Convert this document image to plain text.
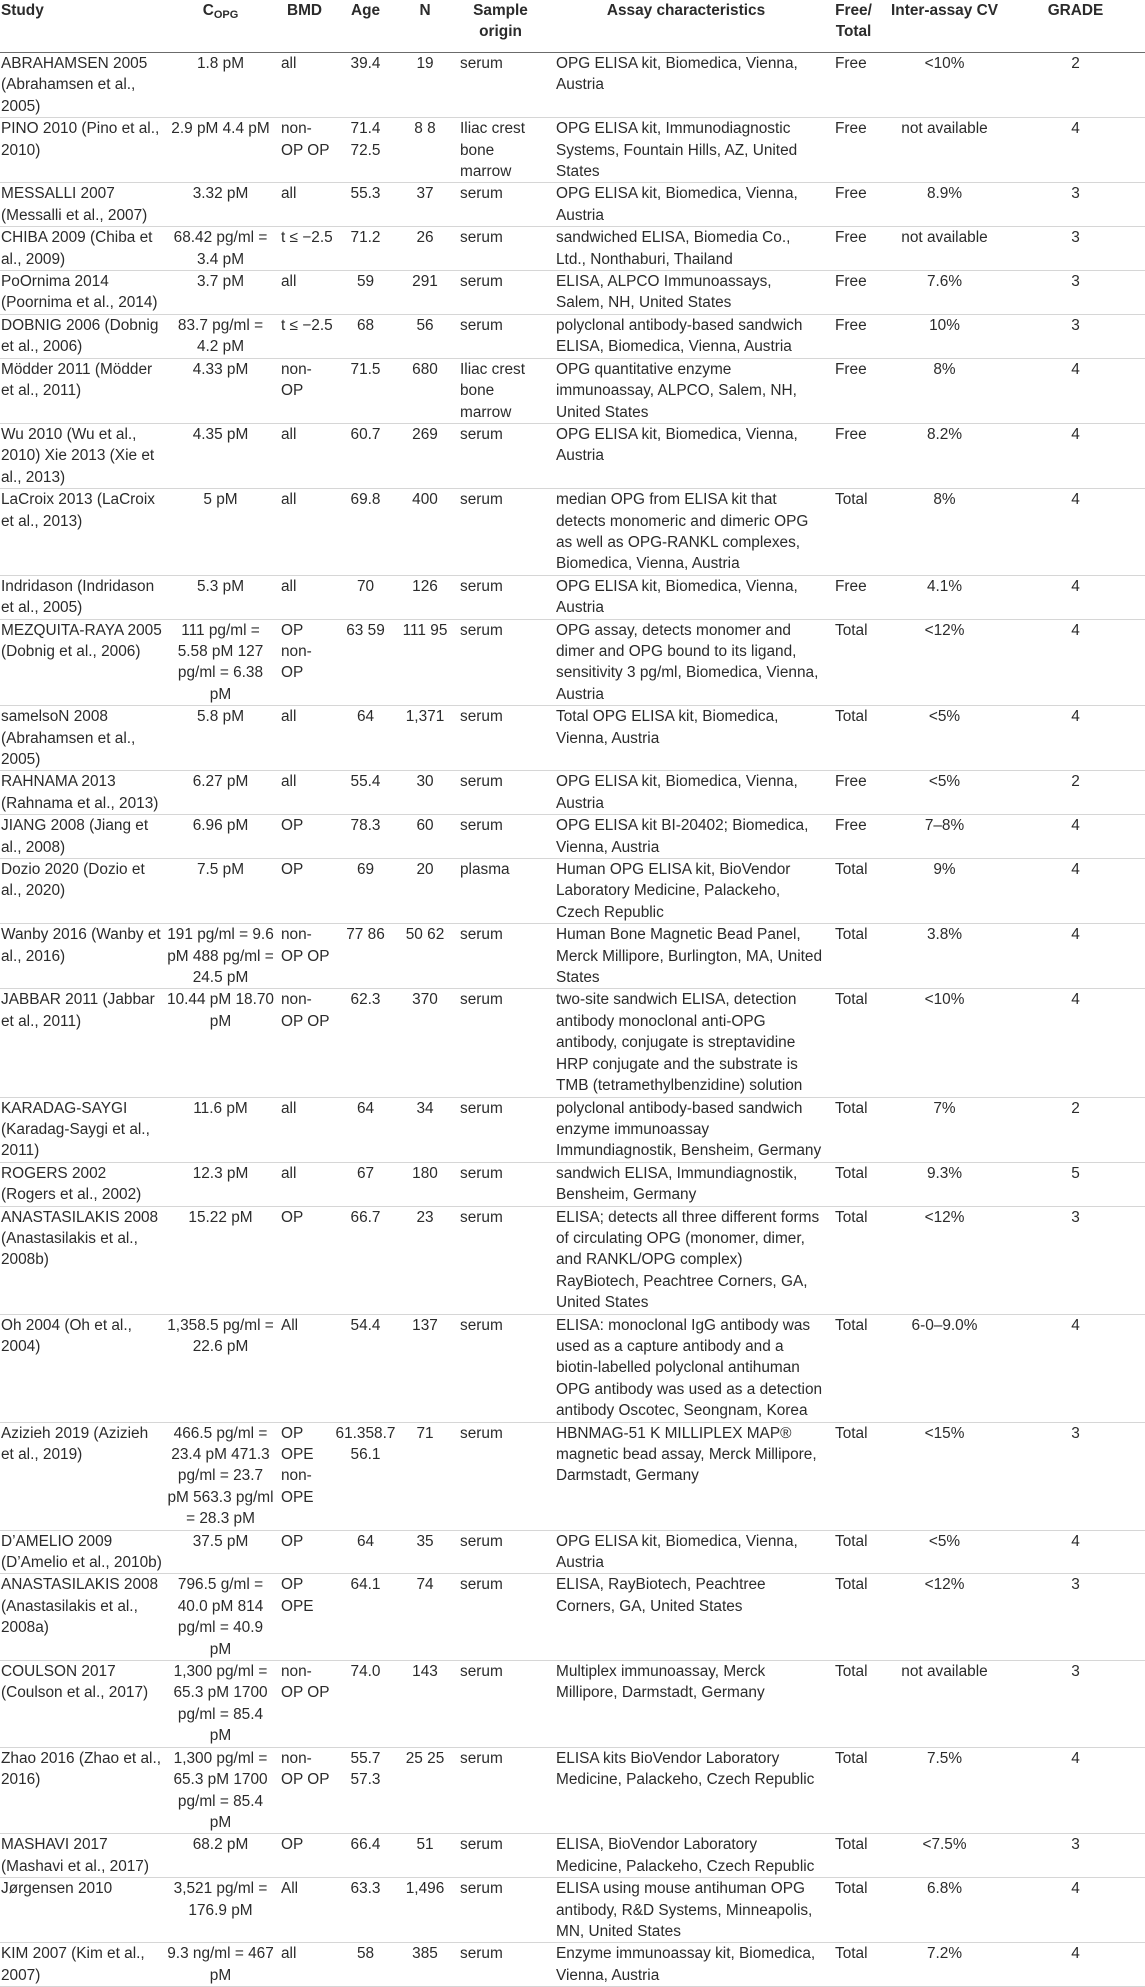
Study	$C_{OPG}$	BMD	Age	N	Sample origin	Assay characteristics	Free/ Total	Inter-assay CV	GRADE
ABRAHAMSEN 2005 (Abrahamsen et al., 2005)	1.8 pM	all	39.4	19	serum	OPG ELISA kit, Biomedica, Vienna, Austria	Free	<10%	2
PINO 2010 (Pino et al., 2010)	2.9 pM 4.4 pM	non-OP OP	71.4 72.5	8 8	Iliac crest bone marrow	OPG ELISA kit, Immunodiagnostic Systems, Fountain Hills, AZ, United States	Free	not available	4
MESSALLI 2007 (Messalli et al., 2007)	3.32 pM	all	55.3	37	serum	OPG ELISA kit, Biomedica, Vienna, Austria	Free	8.9%	3
CHIBA 2009 (Chiba et al., 2009)	68.42 pg/ml = 3.4 pM	t ≤ −2.5	71.2	26	serum	sandwiched ELISA, Biomedia Co., Ltd., Nonthaburi, Thailand	Free	not available	3
PoOrnima 2014 (Poornima et al., 2014)	3.7 pM	all	59	291	serum	ELISA, ALPCO Immunoassays, Salem, NH, United States	Free	7.6%	3
DOBNIG 2006 (Dobnig et al., 2006)	83.7 pg/ml = 4.2 pM	t ≤ −2.5	68	56	serum	polyclonal antibody-based sandwich ELISA, Biomedica, Vienna, Austria	Free	10%	3
Mödder 2011 (Mödder et al., 2011)	4.33 pM	non-OP	71.5	680	Iliac crest bone marrow	OPG quantitative enzyme immunoassay, ALPCO, Salem, NH, United States	Free	8%	4
Wu 2010 (Wu et al., 2010) Xie 2013 (Xie et al., 2013)	4.35 pM	all	60.7	269	serum	OPG ELISA kit, Biomedica, Vienna, Austria	Free	8.2%	4
LaCroix 2013 (LaCroix et al., 2013)	5 pM	all	69.8	400	serum	median OPG from ELISA kit that detects monomeric and dimeric OPG as well as OPG-RANKL complexes, Biomedica, Vienna, Austria	Total	8%	4
Indridason (Indridason et al., 2005)	5.3 pM	all	70	126	serum	OPG ELISA kit, Biomedica, Vienna, Austria	Free	4.1%	4
MEZQUITA-RAYA 2005 (Dobnig et al., 2006)	111 pg/ml = 5.58 pM 127 pg/ml = 6.38 pM	OP non-OP	63 59	111 95	serum	OPG assay, detects monomer and dimer and OPG bound to its ligand, sensitivity 3 pg/ml, Biomedica, Vienna, Austria	Total	<12%	4
samelsoN 2008 (Abrahamsen et al., 2005)	5.8 pM	all	64	1,371	serum	Total OPG ELISA kit, Biomedica, Vienna, Austria	Total	<5%	4
RAHNAMA 2013 (Rahnama et al., 2013)	6.27 pM	all	55.4	30	serum	OPG ELISA kit, Biomedica, Vienna, Austria	Free	<5%	2
JIANG 2008 (Jiang et al., 2008)	6.96 pM	OP	78.3	60	serum	OPG ELISA kit BI-20402; Biomedica, Vienna, Austria	Free	7–8%	4
Dozio 2020 (Dozio et al., 2020)	7.5 pM	OP	69	20	plasma	Human OPG ELISA kit, BioVendor Laboratory Medicine, Palackeho, Czech Republic	Total	9%	4
Wanby 2016 (Wanby et al., 2016)	191 pg/ml = 9.6 pM 488 pg/ml = 24.5 pM	non-OP OP	77 86	50 62	serum	Human Bone Magnetic Bead Panel, Merck Millipore, Burlington, MA, United States	Total	3.8%	4
JABBAR 2011 (Jabbar et al., 2011)	10.44 pM 18.70 pM	non-OP OP	62.3	370	serum	two-site sandwich ELISA, detection antibody monoclonal anti-OPG antibody, conjugate is streptavidine HRP conjugate and the substrate is TMB (tetramethylbenzidine) solution	Total	<10%	4
KARADAG-SAYGI (Karadag-Saygi et al., 2011)	11.6 pM	all	64	34	serum	polyclonal antibody-based sandwich enzyme immunoassay Immundiagnostik, Bensheim, Germany	Total	7%	2
ROGERS 2002 (Rogers et al., 2002)	12.3 pM	all	67	180	serum	sandwich ELISA, Immundiagnostik, Bensheim, Germany	Total	9.3%	5
ANASTASILAKIS 2008 (Anastasilakis et al., 2008b)	15.22 pM	OP	66.7	23	serum	ELISA; detects all three different forms of circulating OPG (monomer, dimer, and RANKL/OPG complex) RayBiotech, Peachtree Corners, GA, United States	Total	<12%	3
Oh 2004 (Oh et al., 2004)	1,358.5 pg/ml = 22.6 pM	All	54.4	137	serum	ELISA: monoclonal IgG antibody was used as a capture antibody and a biotin-labelled polyclonal antihuman OPG antibody was used as a detection antibody Oscotec, Seongnam, Korea	Total	6-0–9.0%	4
Azizieh 2019 (Azizieh et al., 2019)	466.5 pg/ml = 23.4 pM 471.3 pg/ml = 23.7 pM 563.3 pg/ml = 28.3 pM	OP OPE non-OPE	61.358.7 56.1	71	serum	HBNMAG-51 K MILLIPLEX MAP® magnetic bead assay, Merck Millipore, Darmstadt, Germany	Total	<15%	3
D’AMELIO 2009 (D’Amelio et al., 2010b)	37.5 pM	OP	64	35	serum	OPG ELISA kit, Biomedica, Vienna, Austria	Total	<5%	4
ANASTASILAKIS 2008 (Anastasilakis et al., 2008a)	796.5 g/ml = 40.0 pM 814 pg/ml = 40.9 pM	OP OPE	64.1	74	serum	ELISA, RayBiotech, Peachtree Corners, GA, United States	Total	<12%	3
COULSON 2017 (Coulson et al., 2017)	1,300 pg/ml = 65.3 pM 1700 pg/ml = 85.4 pM	non-OP OP	74.0	143	serum	Multiplex immunoassay, Merck Millipore, Darmstadt, Germany	Total	not available	3
Zhao 2016 (Zhao et al., 2016)	1,300 pg/ml = 65.3 pM 1700 pg/ml = 85.4 pM	non-OP OP	55.7 57.3	25 25	serum	ELISA kits BioVendor Laboratory Medicine, Palackeho, Czech Republic	Total	7.5%	4
MASHAVI 2017 (Mashavi et al., 2017)	68.2 pM	OP	66.4	51	serum	ELISA, BioVendor Laboratory Medicine, Palackeho, Czech Republic	Total	<7.5%	3
Jørgensen 2010	3,521 pg/ml = 176.9 pM	All	63.3	1,496	serum	ELISA using mouse antihuman OPG antibody, R&D Systems, Minneapolis, MN, United States	Total	6.8%	4
KIM 2007 (Kim et al., 2007)	9.3 ng/ml = 467 pM	all	58	385	serum	Enzyme immunoassay kit, Biomedica, Vienna, Austria	Total	7.2%	4
